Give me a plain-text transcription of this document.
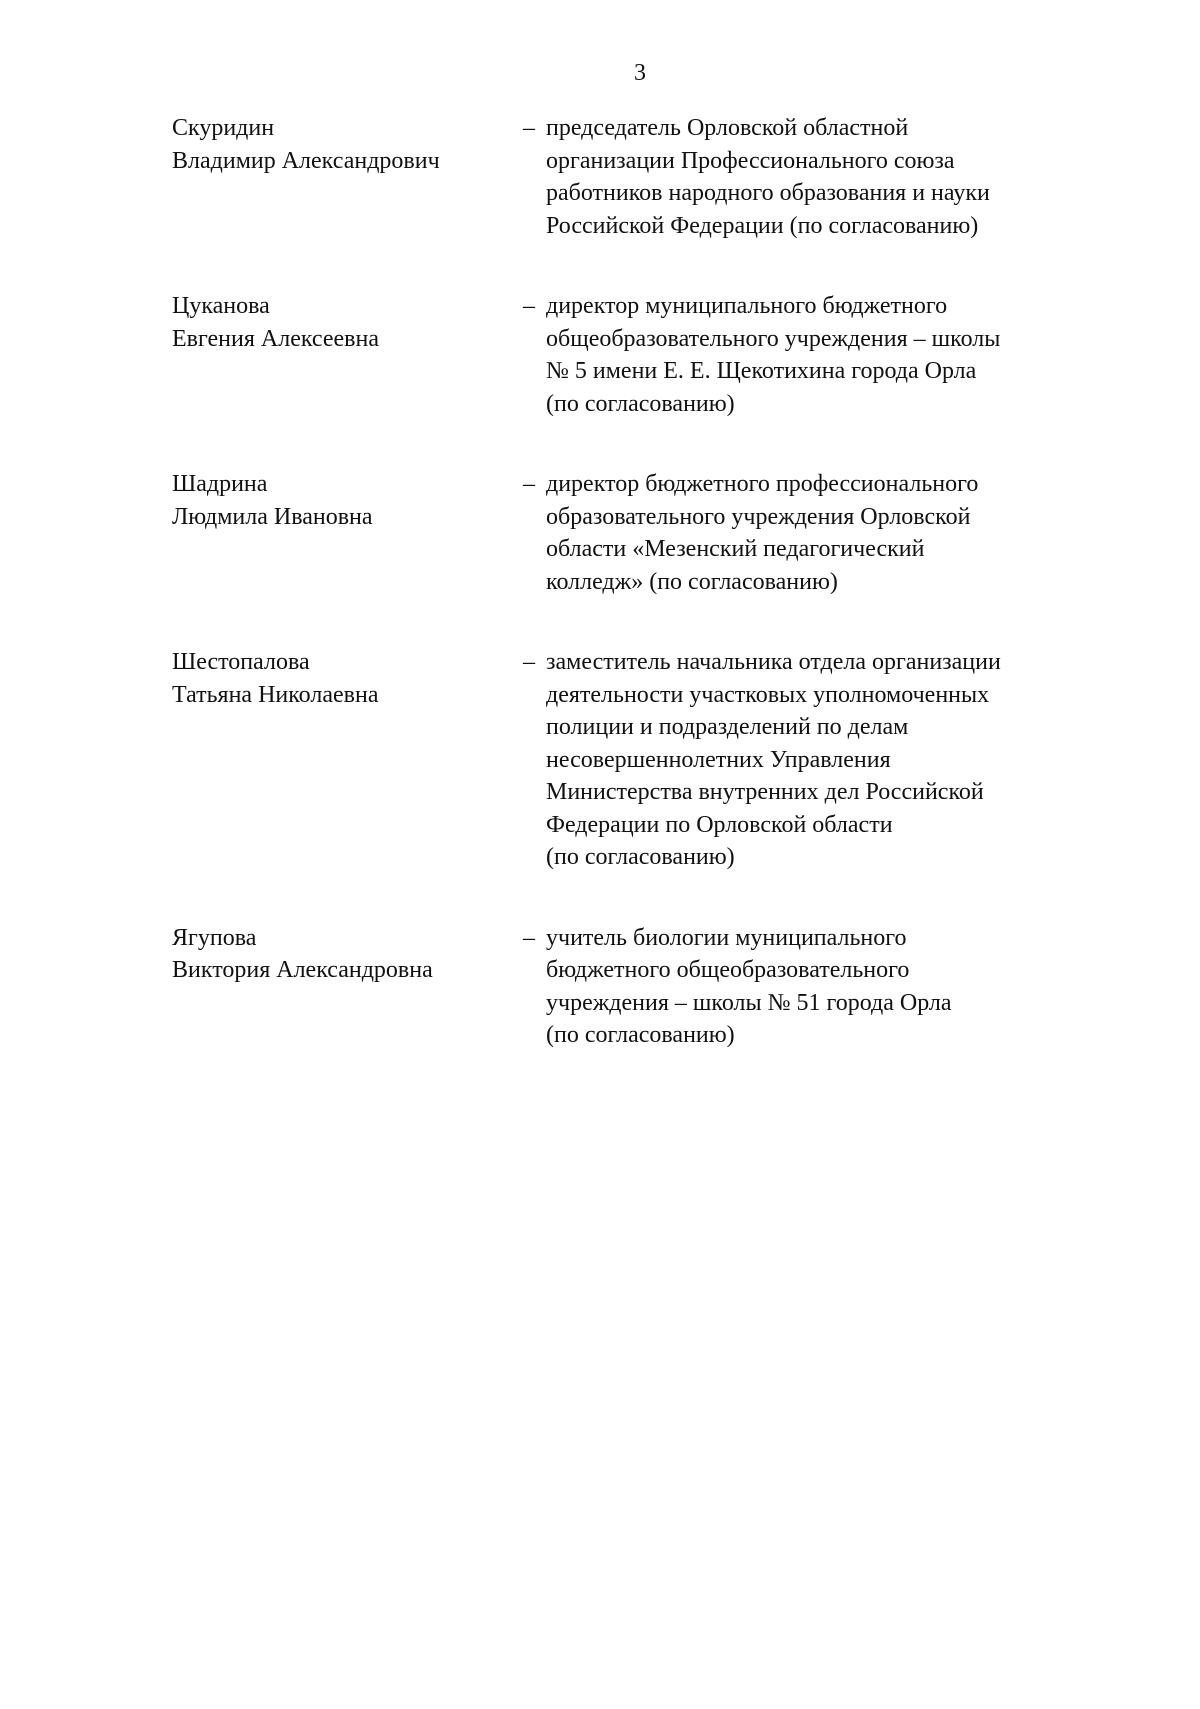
3
Скуридин
Владимир Александрович
– председатель Орловской областной
организации Профессионального союза
работников народного образования и науки
Российской Федерации (по согласованию)
Цуканова
Евгения Алексеевна
– директор муниципального бюджетного
общеобразовательного учреждения – школы
№ 5 имени Е. Е. Щекотихина города Орла
(по согласованию)
Шадрина
Людмила Ивановна
– директор бюджетного профессионального
образовательного учреждения Орловской
области «Мезенский педагогический
колледж» (по согласованию)
Шестопалова
Татьяна Николаевна
– заместитель начальника отдела организации
деятельности участковых уполномоченных
полиции и подразделений по делам
несовершеннолетних Управления
Министерства внутренних дел Российской
Федерации по Орловской области
(по согласованию)
Ягупова
Виктория Александровна
– учитель биологии муниципального
бюджетного общеобразовательного
учреждения – школы № 51 города Орла
(по согласованию)
